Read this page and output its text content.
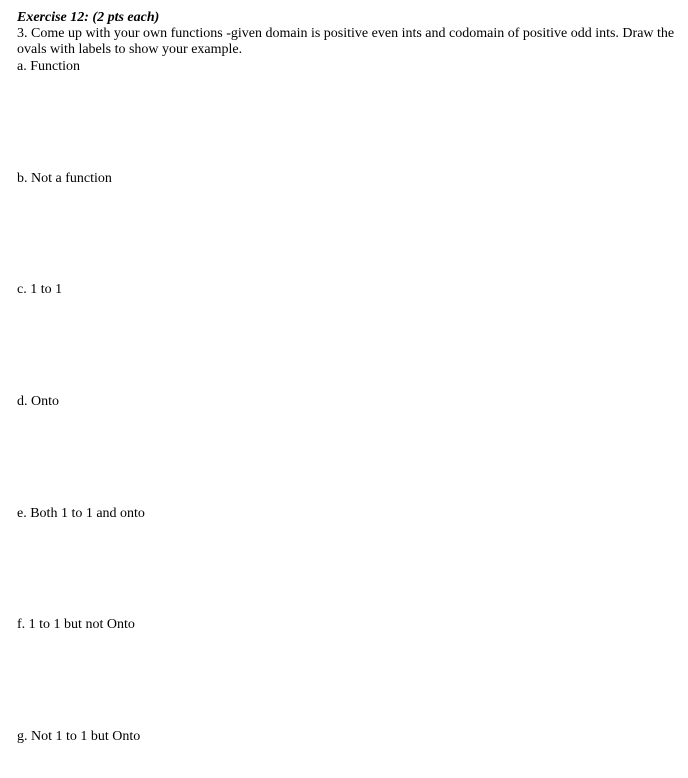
Exercise 12: (2 pts each)

3. Come up with your own functions -given domain is positive even ints and codomain of positive odd ints. Draw the ovals with labels to show your example.

a. Function

b. Not a function

c. 1 to 1

d. Onto

e. Both 1 to 1 and onto

f. 1 to 1 but not Onto

g. Not 1 to 1 but Onto
